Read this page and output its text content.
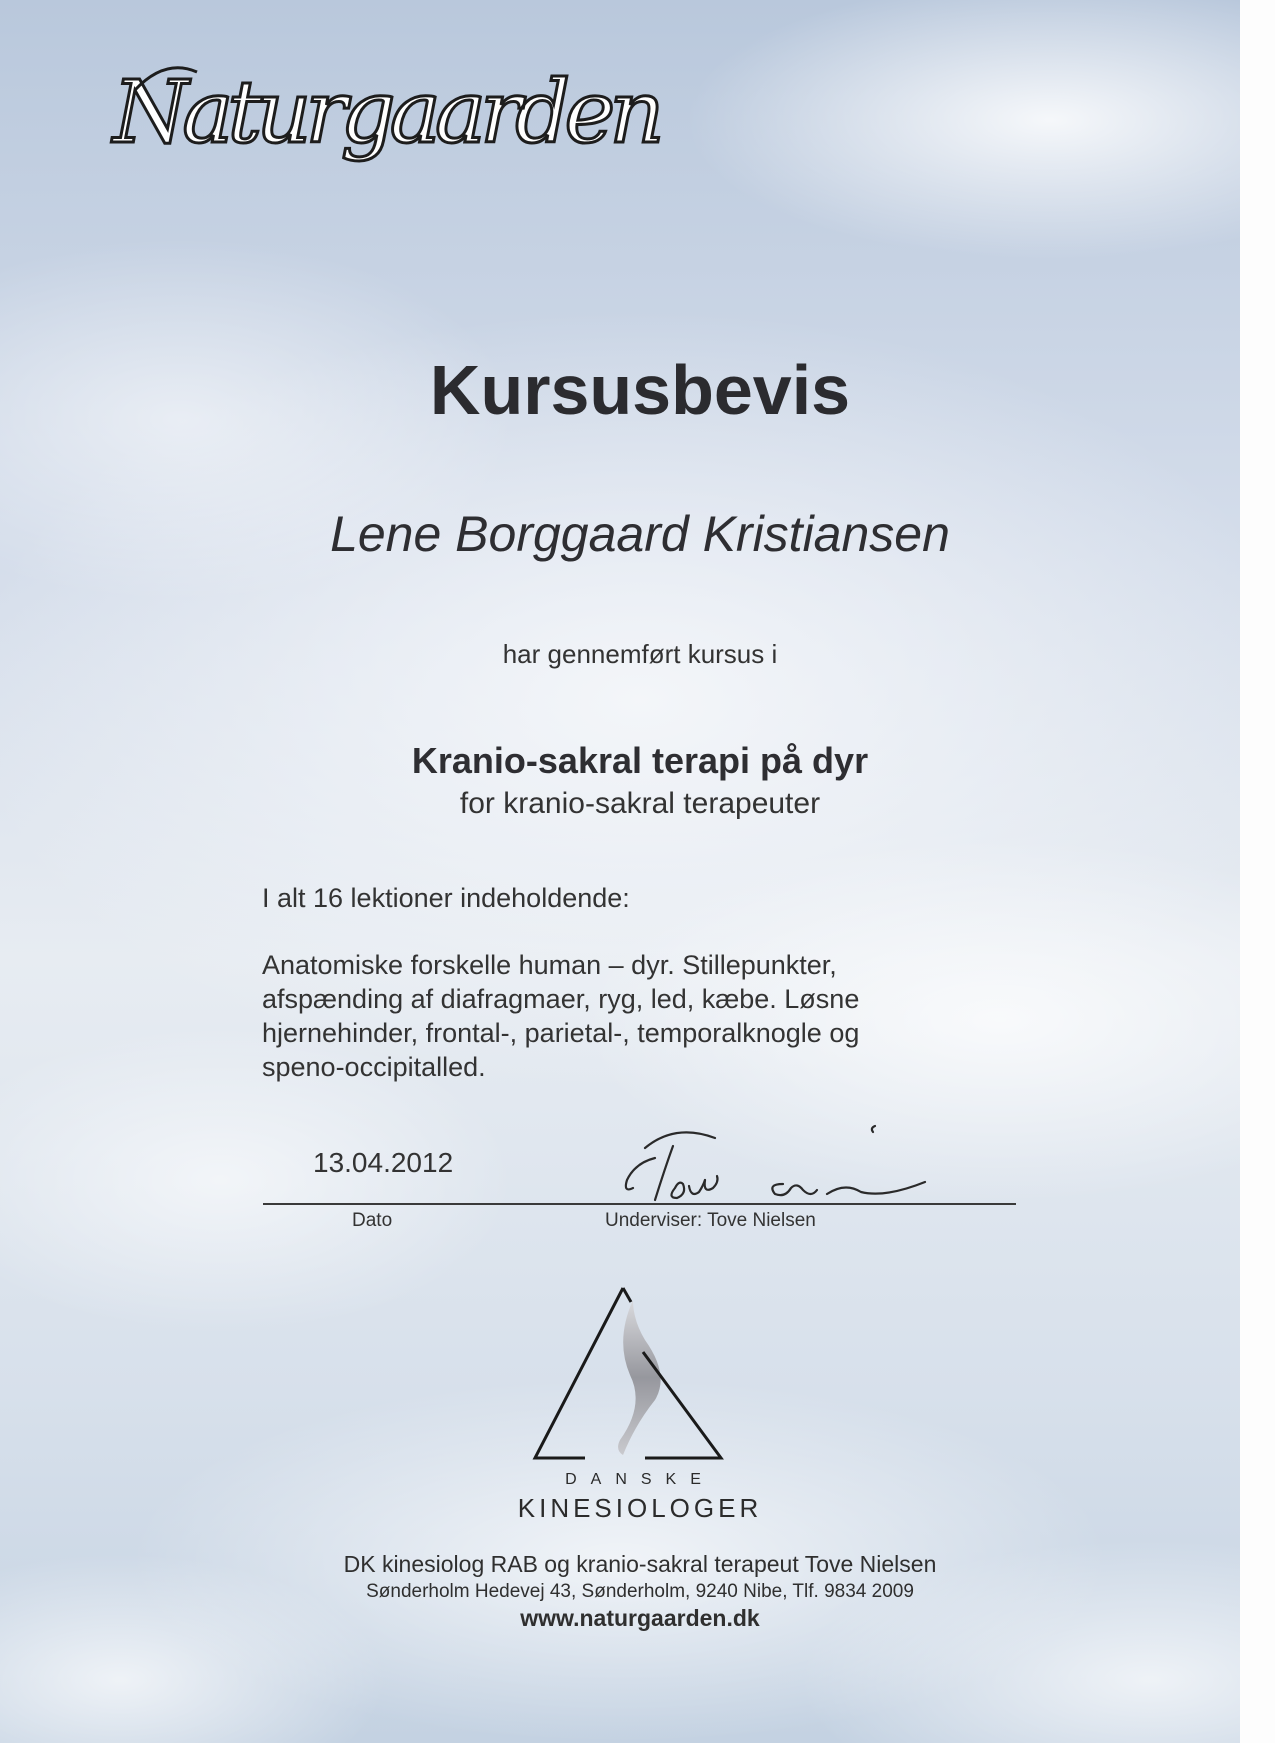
Naturgaarden
Kursusbevis
Lene Borggaard Kristiansen
har gennemført kursus i
Kranio-sakral terapi på dyr
for kranio-sakral terapeuter
I alt 16 lektioner indeholdende:
Anatomiske forskelle human – dyr. Stillepunkter,
afspænding af diafragmaer, ryg, led, kæbe. Løsne
hjernehinder, frontal-, parietal-, temporalknogle og
speno-occipitalled.
13.04.2012
Dato	Underviser: Tove Nielsen
DANSKE
KINESIOLOGER
DK kinesiolog RAB og kranio-sakral terapeut Tove Nielsen
Sønderholm Hedevej 43, Sønderholm, 9240 Nibe, Tlf. 9834 2009
www.naturgaarden.dk
